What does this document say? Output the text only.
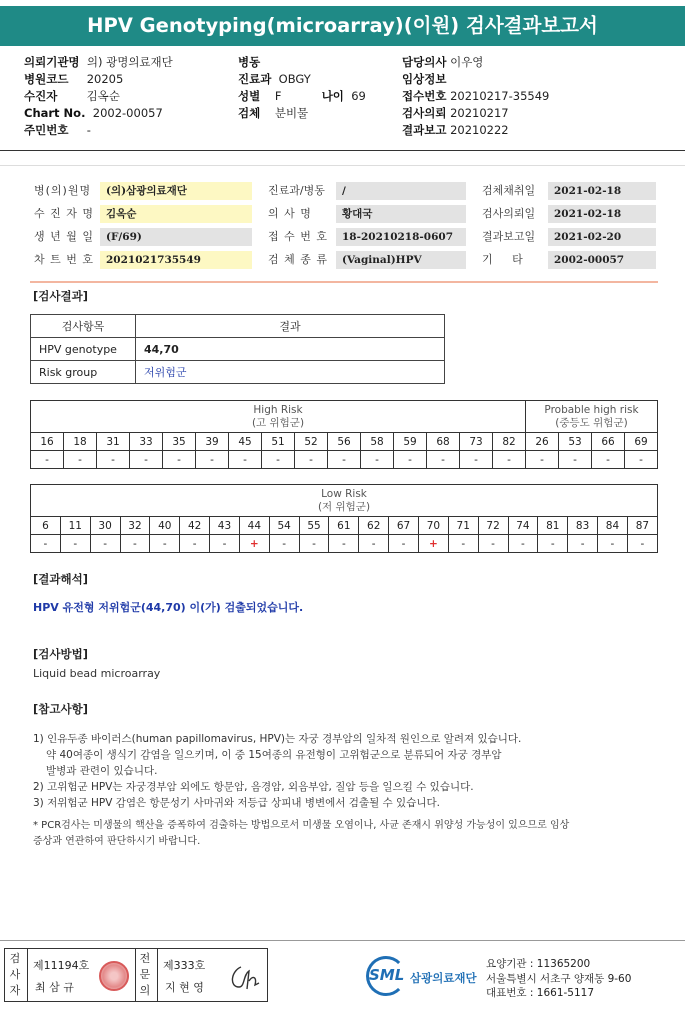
HPV Genotyping(microarray)(이원) 검사결과보고서
의뢰기관명 의) 광명의료재단
병원코드 20205
수진자	김옥순
Chart No. 2002-00057
주민번호 -
병동
진료과 OBGY
성별 F	나이 69
검체 분비물
담당의사 이우영
임상정보
접수번호 20210217-35549
검사의뢰 20210217
결과보고 20210222
병(의)원명	(의)삼광의료재단
수 진 자 명	김옥순
생 년 월 일	(F/69)
차 트 번 호	2021021735549
진료과/병동	/
의 사 명	황대국
접 수 번 호	18-20210218-0607
검 체 종 류	(Vaginal)HPV
검체채취일	2021-02-18
검사의뢰일	2021-02-18
결과보고일	2021-02-20
기 타	2002-00057
[검사결과]
검사항목	결과
HPV genotype	44,70
Risk group	저위험군
High Risk
(고 위험군)															Probable high risk
(중등도 위험군)			
16	18	31	33	35	39	45	51	52	56	58	59	68	73	82	26	53	66	69
-	-	-	-	-	-	-	-	-	-	-	-	-	-	-	-	-	-	-
Low Risk
(저 위험군)																				
6	11	30	32	40	42	43	44	54	55	61	62	67	70	71	72	74	81	83	84	87
-	-	-	-	-	-	-	+	-	-	-	-	-	+	-	-	-	-	-	-	-
[결과해석]
HPV 유전형 저위험군(44,70) 이(가) 검출되었습니다.
[검사방법]
Liquid bead microarray
[참고사항]
1) 인유두종 바이러스(human papillomavirus, HPV)는 자궁 경부암의 일차적 원인으로 알려져 있습니다.
약 40여종이 생식기 감염을 일으키며, 이 중 15여종의 유전형이 고위험군으로 분류되어 자궁 경부암
발병과 관련이 있습니다.
2) 고위험군 HPV는 자궁경부암 외에도 항문암, 음경암, 외음부암, 질암 등을 일으킬 수 있습니다.
3) 저위험군 HPV 감염은 항문성기 사마귀와 저등급 상피내 병변에서 검출될 수 있습니다.
* PCR검사는 미생물의 핵산을 증폭하여 검출하는 방법으로서 미생물 오염이나, 사균 존재시 위양성 가능성이 있으므로 임상
증상과 연관하여 판단하시기 바랍니다.
검사자
제11194호
최 삼 규
전문의
제333호
지 현 영
SML 삼광의료재단
요양기관 : 11365200
서울특별시 서초구 양재동 9-60
대표번호 : 1661-5117
